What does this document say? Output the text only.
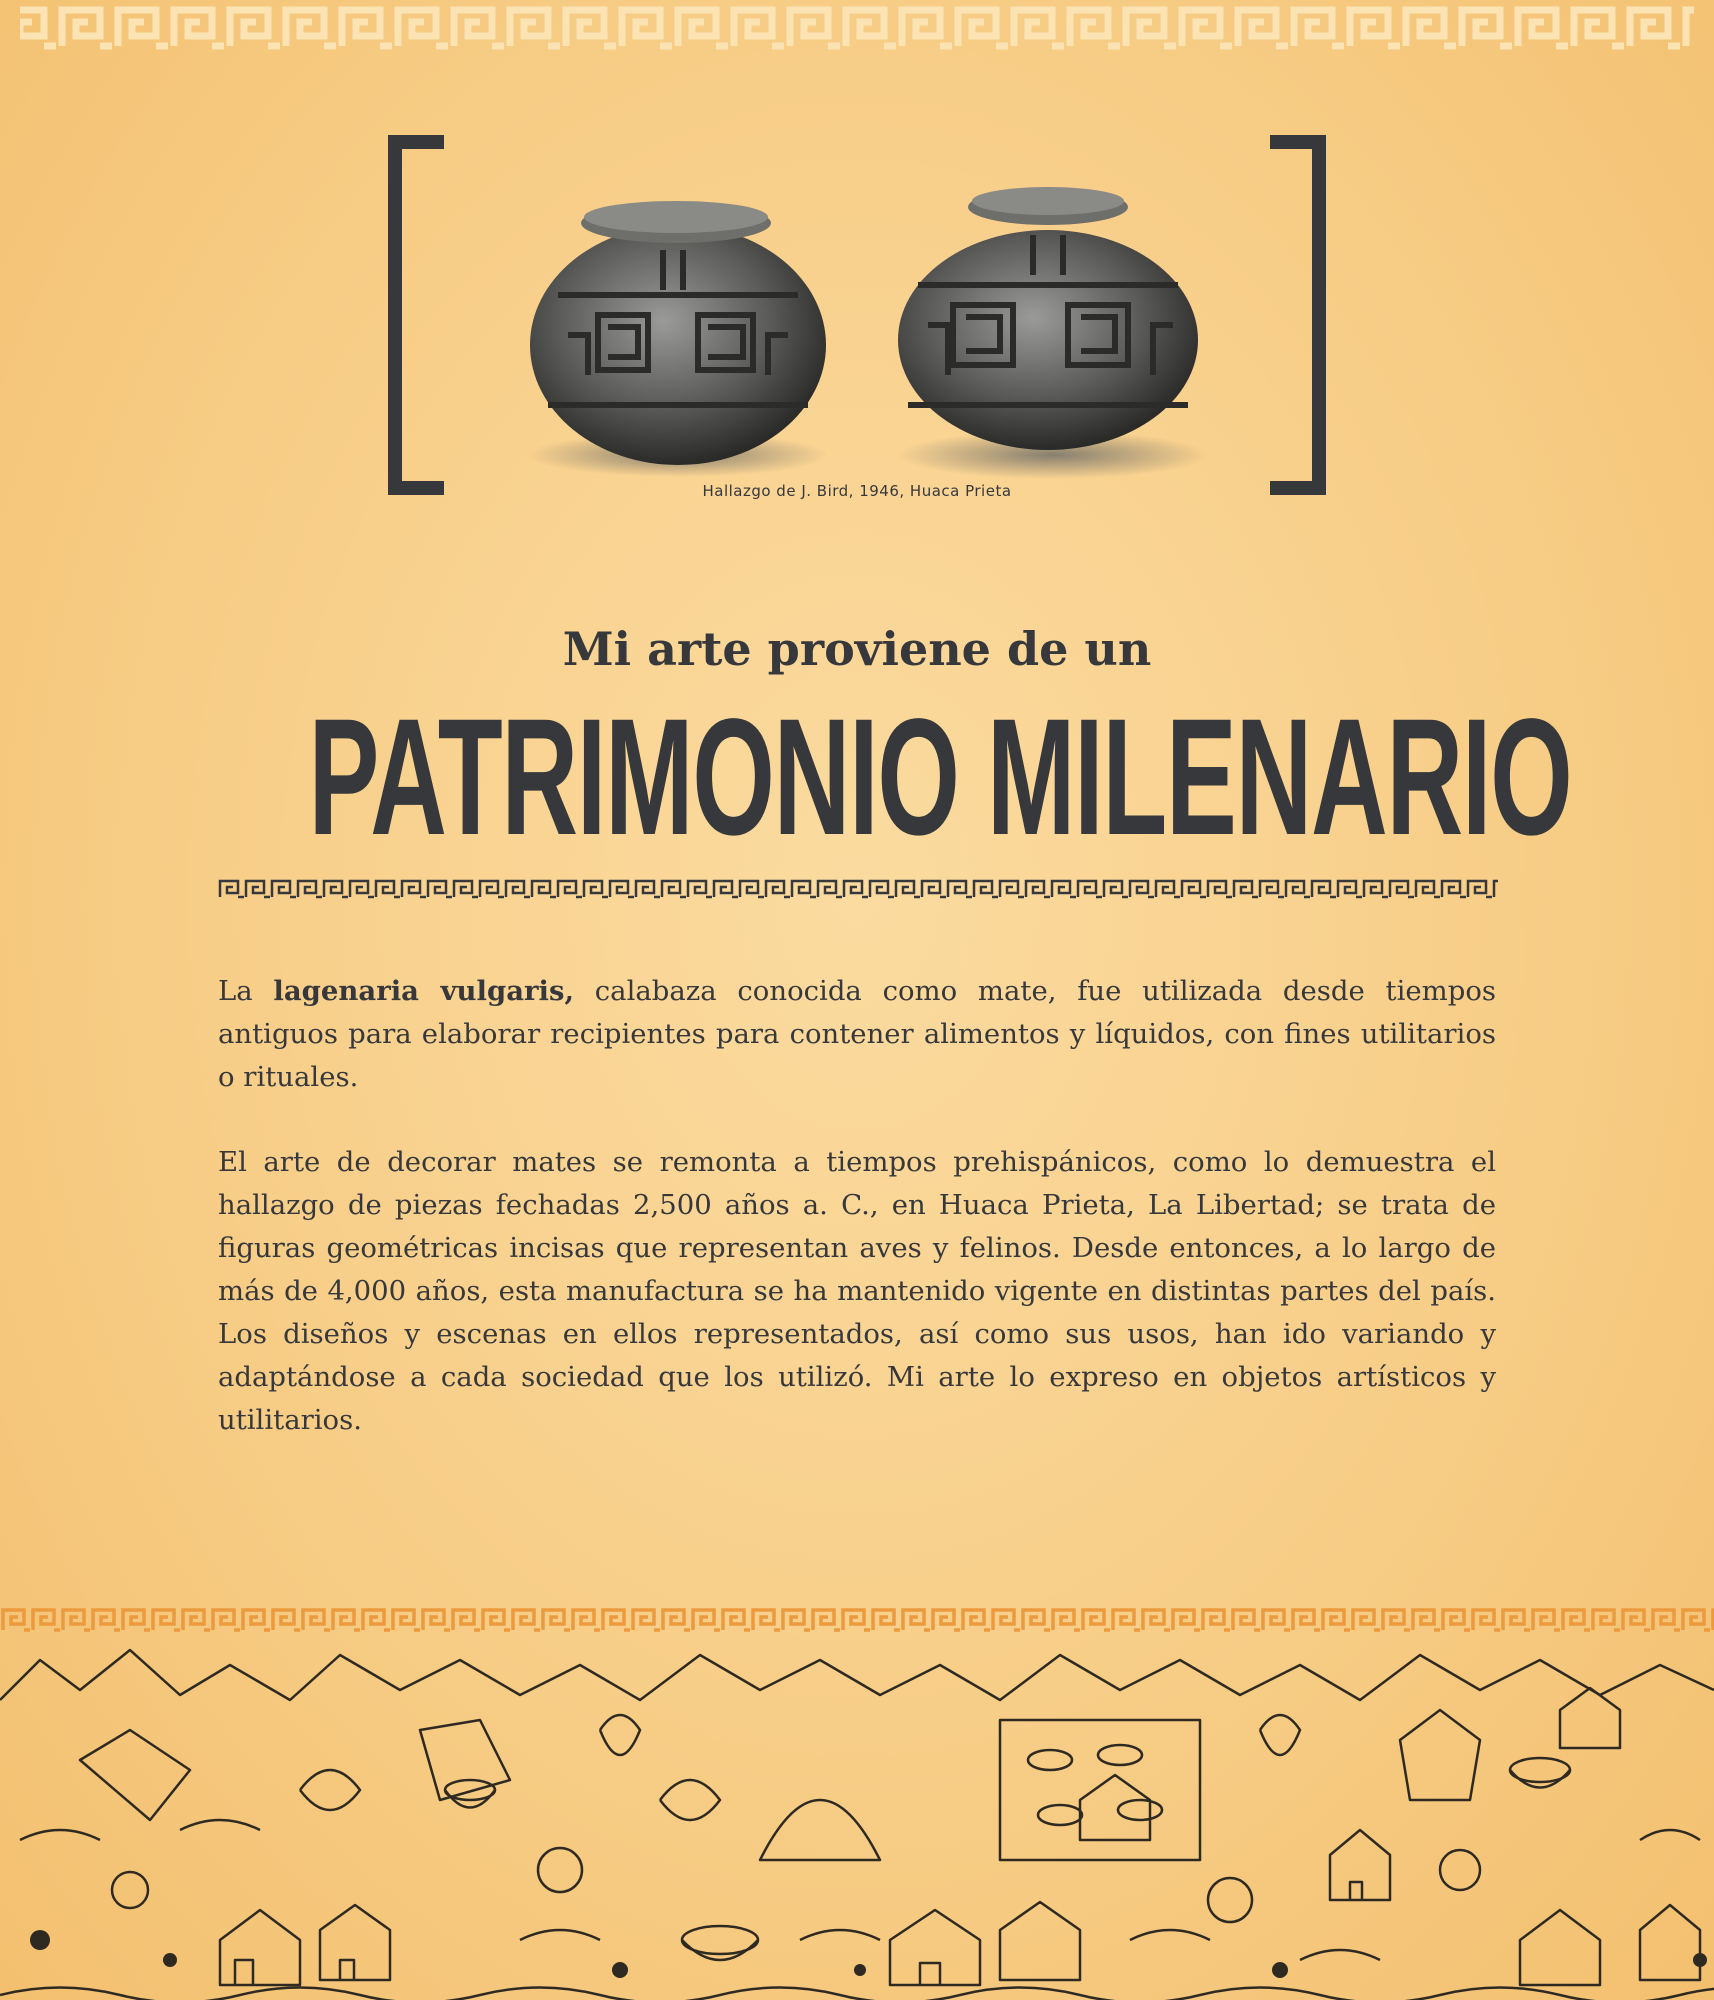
Hallazgo de J. Bird, 1946, Huaca Prieta
Mi arte proviene de un
PATRIMONIO MILENARIO

La lagenaria vulgaris, calabaza conocida como mate, fue utilizada desde tiempos antiguos para elaborar recipientes para contener alimentos y líquidos, con fines utilitarios o rituales.

El arte de decorar mates se remonta a tiempos prehispánicos, como lo demuestra el hallazgo de piezas fechadas 2,500 años a. C., en Huaca Prieta, La Libertad; se trata de figuras geométricas incisas que representan aves y felinos. Desde entonces, a lo largo de más de 4,000 años, esta manufactura se ha mantenido vigente en distintas partes del país. Los diseños y escenas en ellos representados, así como sus usos, han ido variando y adaptándose a cada sociedad que los utilizó. Mi arte lo expreso en objetos artísticos y utilitarios.
